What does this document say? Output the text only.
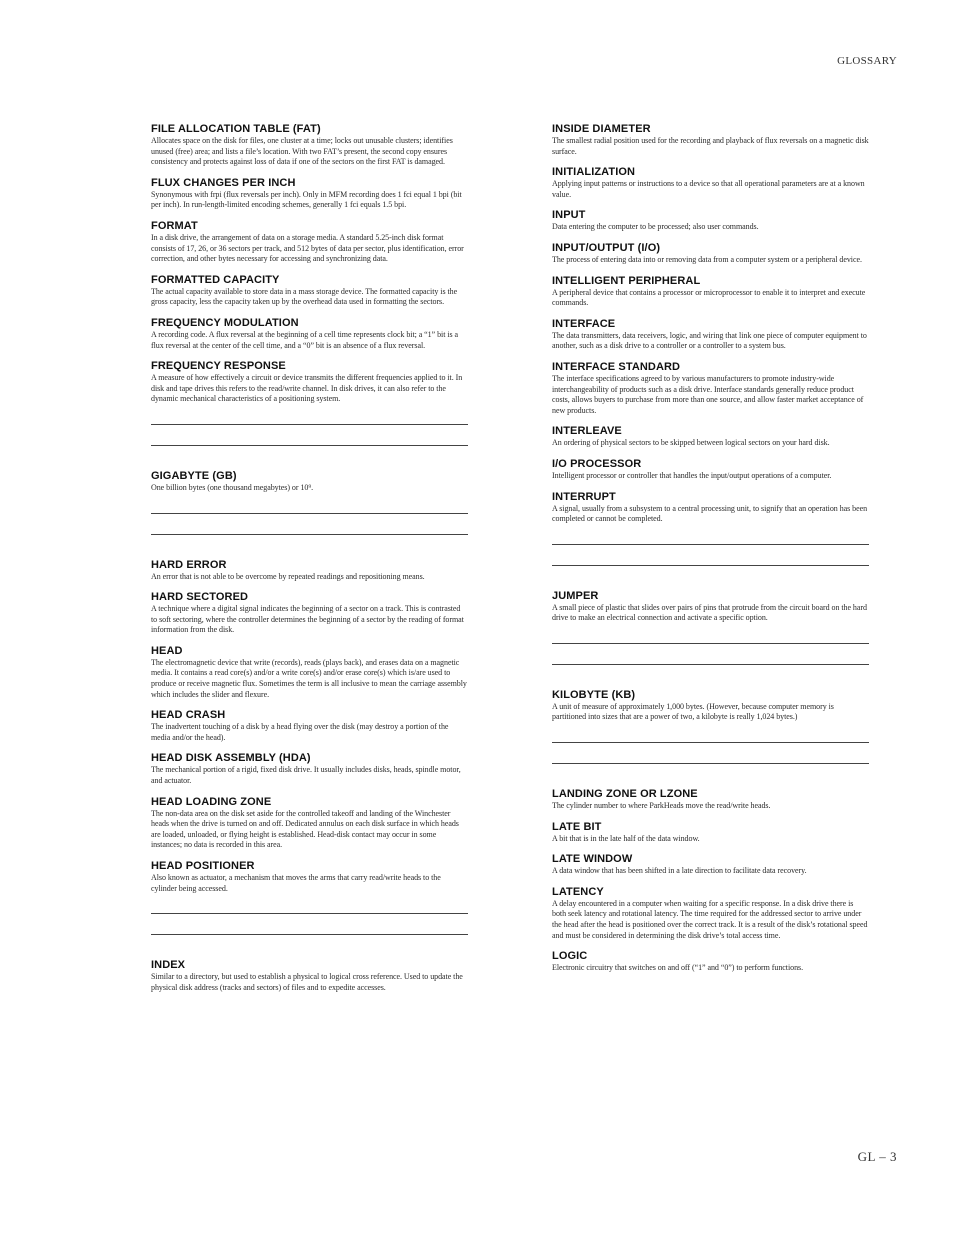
GLOSSARY
FILE ALLOCATION TABLE (FAT)
Allocates space on the disk for files, one cluster at a time; locks out unusable clusters; identifies unused (free) area; and lists a file’s location. With two FAT’s present, the second copy ensures consistency and protects against loss of data if one of the sectors on the first FAT is damaged.
FLUX CHANGES PER INCH
Synonymous with frpi (flux reversals per inch). Only in MFM recording does 1 fci equal 1 bpi (bit per inch). In run-length-limited encoding schemes, generally 1 fci equals 1.5 bpi.
FORMAT
In a disk drive, the arrangement of data on a storage media. A standard 5.25-inch disk format consists of 17, 26, or 36 sectors per track, and 512 bytes of data per sector, plus identification, error correction, and other bytes necessary for accessing and synchronizing data.
FORMATTED CAPACITY
The actual capacity available to store data in a mass storage device. The formatted capacity is the gross capacity, less the capacity taken up by the overhead data used in formatting the sectors.
FREQUENCY MODULATION
A recording code. A flux reversal at the beginning of a cell time represents clock bit; a “1” bit is a flux reversal at the center of the cell time, and a “0” bit is an absence of a flux reversal.
FREQUENCY RESPONSE
A measure of how effectively a circuit or device transmits the different frequencies applied to it. In disk and tape drives this refers to the read/write channel. In disk drives, it can also refer to the dynamic mechanical characteristics of a positioning system.
GIGABYTE (GB)
One billion bytes (one thousand megabytes) or 10⁹.
HARD ERROR
An error that is not able to be overcome by repeated readings and repositioning means.
HARD SECTORED
A technique where a digital signal indicates the beginning of a sector on a track. This is contrasted to soft sectoring, where the controller determines the beginning of a sector by the reading of format information from the disk.
HEAD
The electromagnetic device that write (records), reads (plays back), and erases data on a magnetic media. It contains a read core(s) and/or a write core(s) and/or erase core(s) which is/are used to produce or receive magnetic flux. Sometimes the term is all inclusive to mean the carriage assembly which includes the slider and flexure.
HEAD CRASH
The inadvertent touching of a disk by a head flying over the disk (may destroy a portion of the media and/or the head).
HEAD DISK ASSEMBLY (HDA)
The mechanical portion of a rigid, fixed disk drive. It usually includes disks, heads, spindle motor, and actuator.
HEAD LOADING ZONE
The non-data area on the disk set aside for the controlled takeoff and landing of the Winchester heads when the drive is turned on and off. Dedicated annulus on each disk surface in which heads are loaded, unloaded, or flying height is established. Head-disk contact may occur in some instances; no data is recorded in this area.
HEAD POSITIONER
Also known as actuator, a mechanism that moves the arms that carry read/write heads to the cylinder being accessed.
INDEX
Similar to a directory, but used to establish a physical to logical cross reference. Used to update the physical disk address (tracks and sectors) of files and to expedite accesses.
INSIDE DIAMETER
The smallest radial position used for the recording and playback of flux reversals on a magnetic disk surface.
INITIALIZATION
Applying input patterns or instructions to a device so that all operational parameters are at a known value.
INPUT
Data entering the computer to be processed; also user commands.
INPUT/OUTPUT (I/O)
The process of entering data into or removing data from a computer system or a peripheral device.
INTELLIGENT PERIPHERAL
A peripheral device that contains a processor or microprocessor to enable it to interpret and execute commands.
INTERFACE
The data transmitters, data receivers, logic, and wiring that link one piece of computer equipment to another, such as a disk drive to a controller or a controller to a system bus.
INTERFACE STANDARD
The interface specifications agreed to by various manufacturers to promote industry-wide interchangeability of products such as a disk drive. Interface standards generally reduce product costs, allows buyers to purchase from more than one source, and allow faster market acceptance of new products.
INTERLEAVE
An ordering of physical sectors to be skipped between logical sectors on your hard disk.
I/O PROCESSOR
Intelligent processor or controller that handles the input/output operations of a computer.
INTERRUPT
A signal, usually from a subsystem to a central processing unit, to signify that an operation has been completed or cannot be completed.
JUMPER
A small piece of plastic that slides over pairs of pins that protrude from the circuit board on the hard drive to make an electrical connection and activate a specific option.
KILOBYTE (KB)
A unit of measure of approximately 1,000 bytes. (However, because computer memory is partitioned into sizes that are a power of two, a kilobyte is really 1,024 bytes.)
LANDING ZONE OR LZONE
The cylinder number to where ParkHeads move the read/write heads.
LATE BIT
A bit that is in the late half of the data window.
LATE WINDOW
A data window that has been shifted in a late direction to facilitate data recovery.
LATENCY
A delay encountered in a computer when waiting for a specific response. In a disk drive there is both seek latency and rotational latency. The time required for the addressed sector to arrive under the head after the head is positioned over the correct track. It is a result of the disk’s rotational speed and must be considered in determining the disk drive’s total access time.
LOGIC
Electronic circuitry that switches on and off (“1” and “0”) to perform functions.
GL – 3
